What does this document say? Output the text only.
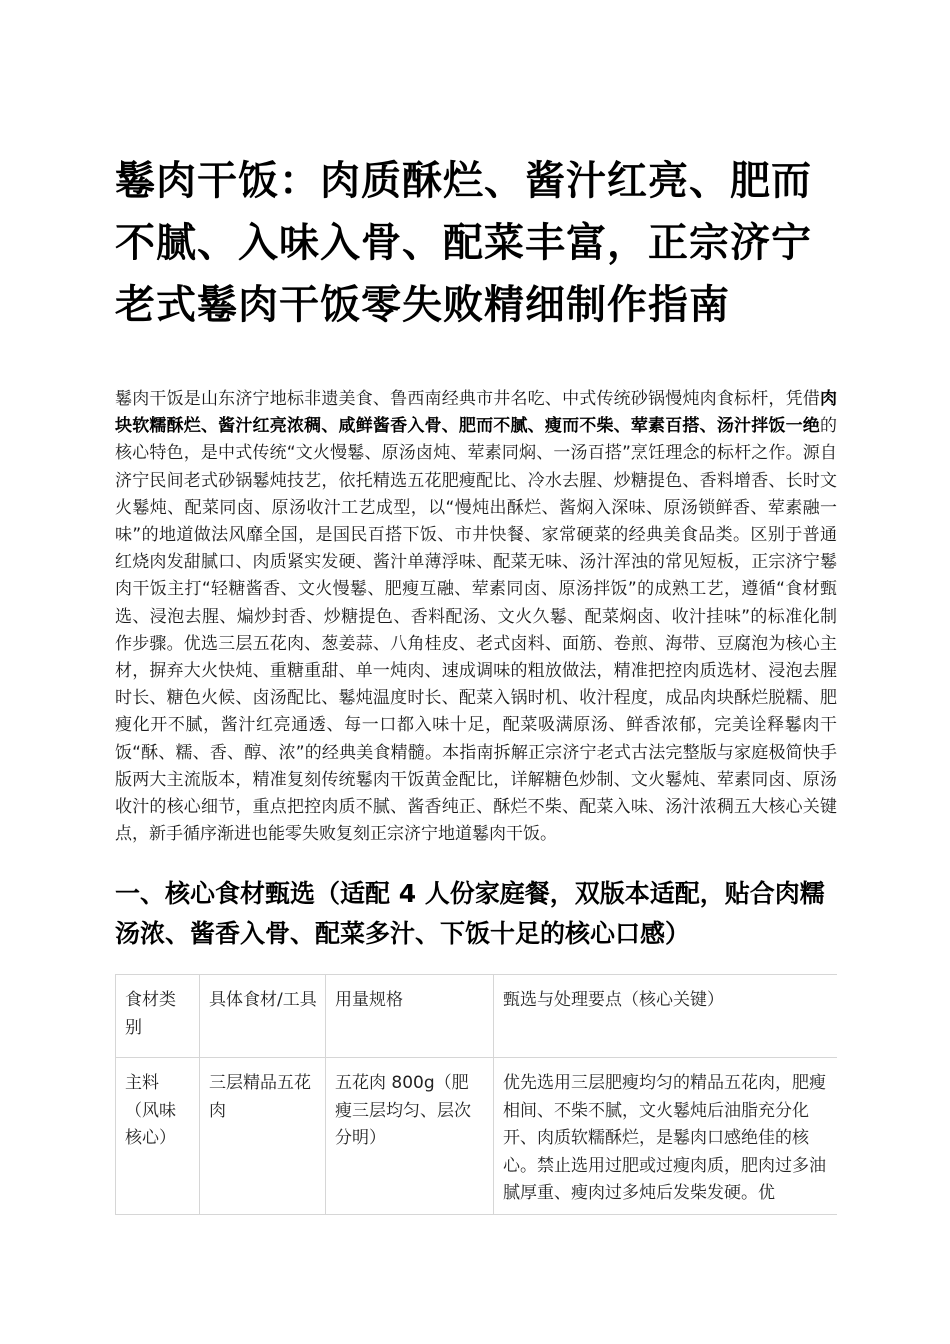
鬈肉干饭：肉质酥烂、酱汁红亮、肥而不腻、入味入骨、配菜丰富，正宗济宁老式鬈肉干饭零失败精细制作指南

鬈肉干饭是山东济宁地标非遗美食、鲁西南经典市井名吃、中式传统砂锅慢炖肉食标杆，凭借肉块软糯酥烂、酱汁红亮浓稠、咸鲜酱香入骨、肥而不腻、瘦而不柴、荤素百搭、汤汁拌饭一绝的核心特色，是中式传统“文火慢鬈、原汤卤炖、荤素同焖、一汤百搭”烹饪理念的标杆之作。源自济宁民间老式砂锅鬈炖技艺，依托精选五花肥瘦配比、冷水去腥、炒糖提色、香料增香、长时文火鬈炖、配菜同卤、原汤收汁工艺成型，以“慢炖出酥烂、酱焖入深味、原汤锁鲜香、荤素融一味”的地道做法风靡全国，是国民百搭下饭、市井快餐、家常硬菜的经典美食品类。区别于普通红烧肉发甜腻口、肉质紧实发硬、酱汁单薄浮味、配菜无味、汤汁浑浊的常见短板，正宗济宁鬈肉干饭主打“轻糖酱香、文火慢鬈、肥瘦互融、荤素同卤、原汤拌饭”的成熟工艺，遵循“食材甄选、浸泡去腥、煸炒封香、炒糖提色、香料配汤、文火久鬈、配菜焖卤、收汁挂味”的标准化制作步骤。优选三层五花肉、葱姜蒜、八角桂皮、老式卤料、面筋、卷煎、海带、豆腐泡为核心主材，摒弃大火快炖、重糖重甜、单一炖肉、速成调味的粗放做法，精准把控肉质选材、浸泡去腥时长、糖色火候、卤汤配比、鬈炖温度时长、配菜入锅时机、收汁程度，成品肉块酥烂脱糯、肥瘦化开不腻，酱汁红亮通透、每一口都入味十足，配菜吸满原汤、鲜香浓郁，完美诠释鬈肉干饭“酥、糯、香、醇、浓”的经典美食精髓。本指南拆解正宗济宁老式古法完整版与家庭极简快手版两大主流版本，精准复刻传统鬈肉干饭黄金配比，详解糖色炒制、文火鬈炖、荤素同卤、原汤收汁的核心细节，重点把控肉质不腻、酱香纯正、酥烂不柴、配菜入味、汤汁浓稠五大核心关键点，新手循序渐进也能零失败复刻正宗济宁地道鬈肉干饭。

一、核心食材甄选（适配 4 人份家庭餐，双版本适配，贴合肉糯汤浓、酱香入骨、配菜多汁、下饭十足的核心口感）
食材类别	具体食材/工具	用量规格	甄选与处理要点（核心关键）
主料（风味核心）	三层精品五花肉	五花肉 800g（肥瘦三层均匀、层次分明）	优先选用三层肥瘦均匀的精品五花肉，肥瘦相间、不柴不腻，文火鬈炖后油脂充分化开、肉质软糯酥烂，是鬈肉口感绝佳的核心。禁止选用过肥或过瘦肉质，肥肉过多油腻厚重、瘦肉过多炖后发柴发硬。优
